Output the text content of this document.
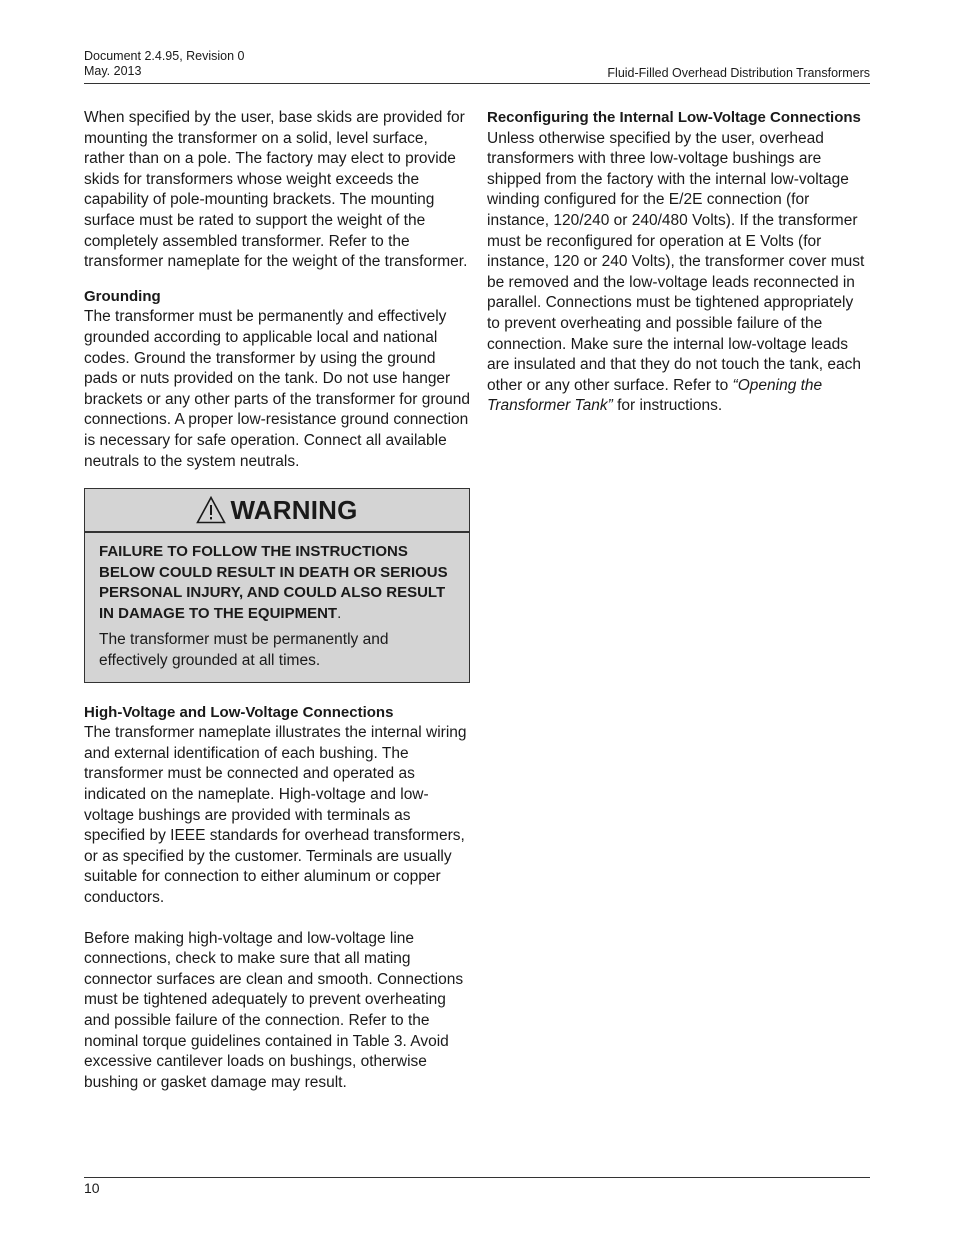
Document 2.4.95, Revision 0
May. 2013	Fluid-Filled Overhead Distribution Transformers

When specified by the user, base skids are provided for mounting the transformer on a solid, level surface, rather than on a pole. The factory may elect to provide skids for transformers whose weight exceeds the capability of pole-mounting brackets. The mounting surface must be rated to support the weight of the completely assembled transformer. Refer to the transformer nameplate for the weight of the transformer.

Grounding

The transformer must be permanently and effectively grounded according to applicable local and national codes. Ground the transformer by using the ground pads or nuts provided on the tank. Do not use hanger brackets or any other parts of the transformer for ground connections. A proper low-resistance ground connection is necessary for safe operation. Connect all available neutrals to the system neutrals.

WARNING

FAILURE TO FOLLOW THE INSTRUCTIONS BELOW COULD RESULT IN DEATH OR SERIOUS PERSONAL INJURY, AND COULD ALSO RESULT IN DAMAGE TO THE EQUIPMENT.

The transformer must be permanently and effectively grounded at all times.

High-Voltage and Low-Voltage Connections

The transformer nameplate illustrates the internal wiring and external identification of each bushing. The transformer must be connected and operated as indicated on the nameplate. High-voltage and low-voltage bushings are provided with terminals as specified by IEEE standards for overhead transformers, or as specified by the customer. Terminals are usually suitable for connection to either aluminum or copper conductors.

Before making high-voltage and low-voltage line connections, check to make sure that all mating connector surfaces are clean and smooth. Connections must be tightened adequately to prevent overheating and possible failure of the connection. Refer to the nominal torque guidelines contained in Table 3. Avoid excessive cantilever loads on bushings, otherwise bushing or gasket damage may result.

Reconfiguring the Internal Low-Voltage Connections

Unless otherwise specified by the user, overhead transformers with three low-voltage bushings are shipped from the factory with the internal low-voltage winding configured for the E/2E connection (for instance, 120/240 or 240/480 Volts). If the transformer must be reconfigured for operation at E Volts (for instance, 120 or 240 Volts), the transformer cover must be removed and the low-voltage leads reconnected in parallel. Connections must be tightened appropriately to prevent overheating and possible failure of the connection. Make sure the internal low-voltage leads are insulated and that they do not touch the tank, each other or any other surface. Refer to “Opening the Transformer Tank” for instructions.

10
